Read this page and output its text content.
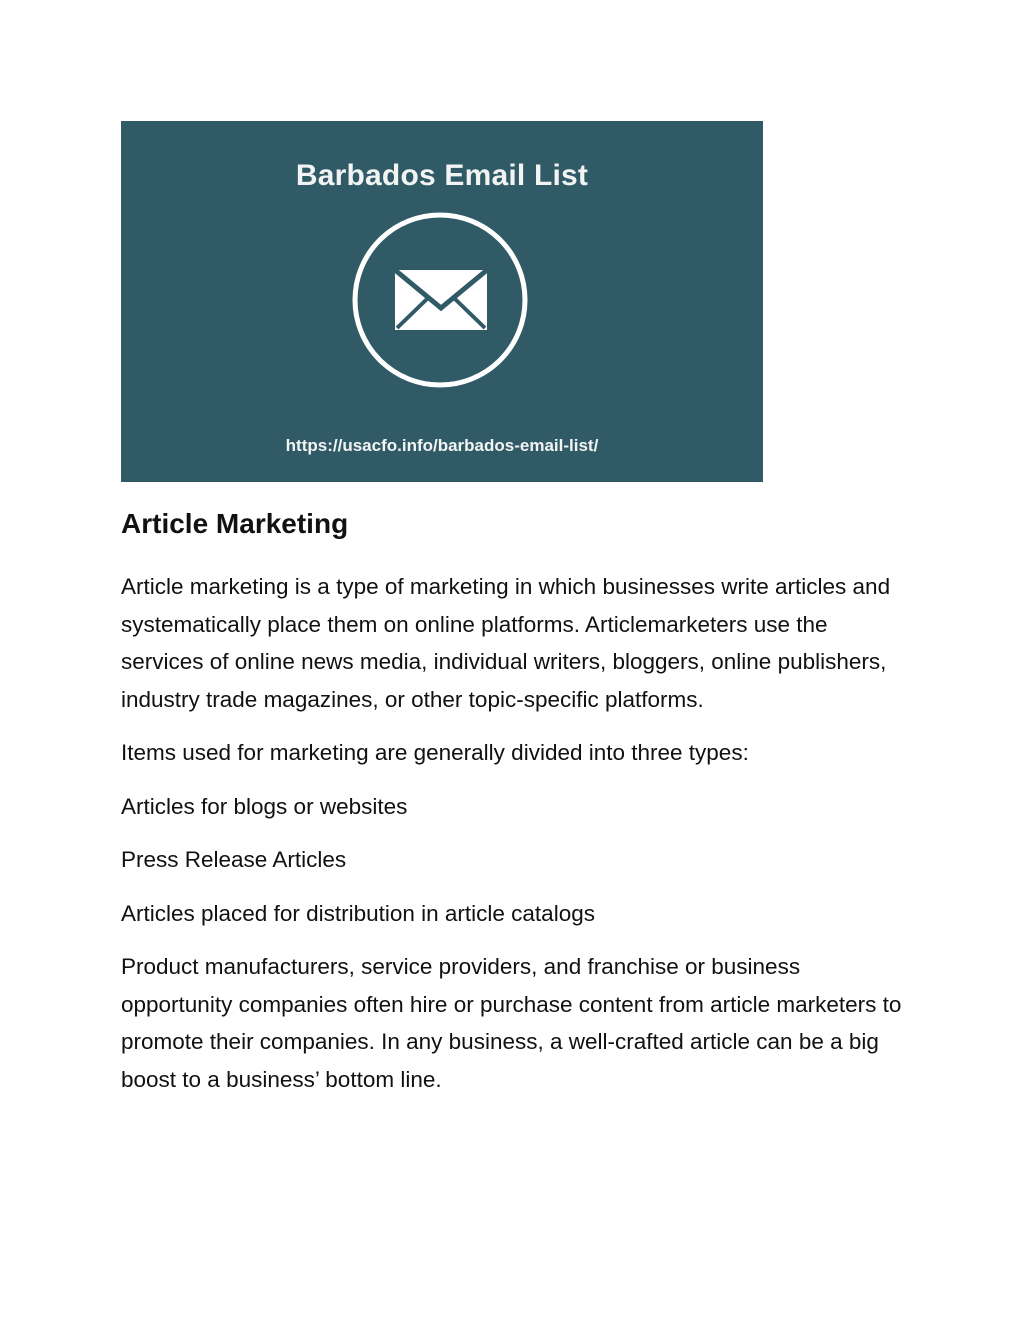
Barbados Email List

https://usacfo.info/barbados-email-list/

Article Marketing

Article marketing is a type of marketing in which businesses write articles and systematically place them on online platforms. Articlemarketers use the services of online news media, individual writers, bloggers, online publishers, industry trade magazines, or other topic-specific platforms.

Items used for marketing are generally divided into three types:

Articles for blogs or websites

Press Release Articles

Articles placed for distribution in article catalogs

Product manufacturers, service providers, and franchise or business opportunity companies often hire or purchase content from article marketers to promote their companies. In any business, a well-crafted article can be a big boost to a business’ bottom line.
